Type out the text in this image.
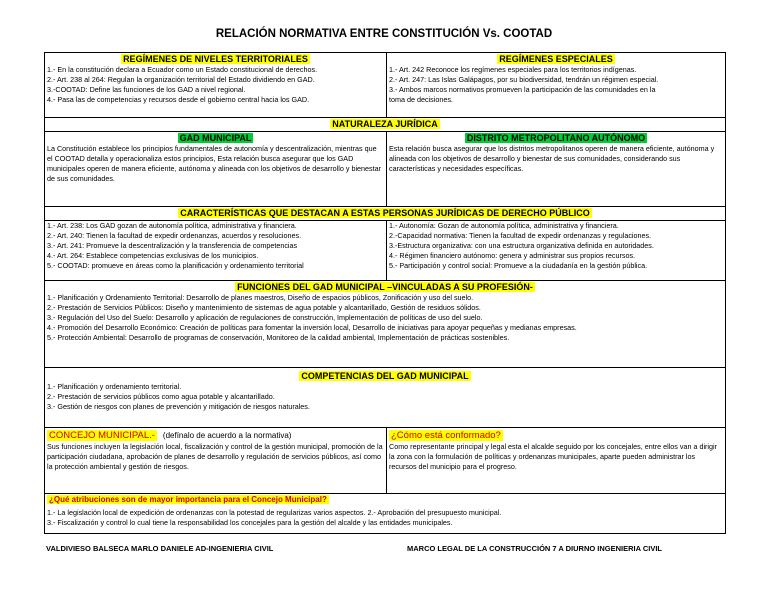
RELACIÓN NORMATIVA ENTRE CONSTITUCIÓN Vs. COOTAD
REGÍMENES DE NIVELES TERRITORIALES
1.- En la constitución declara a Ecuador como un Estado constitucional de derechos.
2.- Art. 238 al 264: Regulan la organización territorial del Estado dividiendo en GAD.
3.-COOTAD: Define las funciones de los GAD a nivel regional.
4.- Pasa las de competencias y recursos desde el gobierno central hacia los GAD.
REGÍMENES ESPECIALES
1.- Art. 242 Reconoce los regímenes especiales para los territorios indígenas.
2.- Art. 247: Las Islas Galápagos, por su biodiversidad, tendrán un régimen especial.
3.- Ambos marcos normativos promueven la participación de las comunidades en la
toma de decisiones.
NATURALEZA JURÍDICA
GAD MUNICIPAL
La Constitución establece los principios fundamentales de autonomía y descentralización, mientras que el COOTAD detalla y operacionaliza estos principios, Esta relación busca asegurar que los GAD municipales operen de manera eficiente, autónoma y alineada con los objetivos de desarrollo y bienestar de sus comunidades.
DISTRITO METROPOLITANO AUTÓNOMO
Esta relación busca asegurar que los distritos metropolitanos operen de manera eficiente, autónoma y alineada con los objetivos de desarrollo y bienestar de sus comunidades, considerando sus características y necesidades específicas.
CARACTERÍSTICAS QUE DESTACAN A ESTAS PERSONAS JURÍDICAS DE DERECHO PÚBLICO
1.- Art. 238: Los GAD gozan de autonomía política, administrativa y financiera.
2.- Art. 240: Tienen la facultad de expedir ordenanzas, acuerdos y resoluciones.
3.- Art. 241: Promueve la descentralización y la transferencia de competencias
4.- Art. 264: Establece competencias exclusivas de los municipios.
5.- COOTAD: promueve en áreas como la planificación y ordenamiento territorial
1.- Autonomía: Gozan de autonomía política, administrativa y financiera.
2.-Capacidad normativa: Tienen la facultad de expedir ordenanzas y regulaciones.
3.-Estructura organizativa: con una estructura organizativa definida en autoridades.
4.- Régimen financiero autónomo: genera y administrar sus propios recursos.
5.- Participación y control social: Promueve a la ciudadanía en la gestión pública.
FUNCIONES DEL GAD MUNICIPAL –VINCULADAS A SU PROFESIÓN-
1.- Planificación y Ordenamiento Territorial: Desarrollo de planes maestros, Diseño de espacios públicos, Zonificación y uso del suelo.
2.- Prestación de Servicios Públicos: Diseño y mantenimiento de sistemas de agua potable y alcantarillado, Gestión de residuos sólidos.
3.- Regulación del Uso del Suelo: Desarrollo y aplicación de regulaciones de construcción, Implementación de políticas de uso del suelo.
4.- Promoción del Desarrollo Económico: Creación de políticas para fomentar la inversión local, Desarrollo de iniciativas para apoyar pequeñas y medianas empresas.
5.- Protección Ambiental: Desarrollo de programas de conservación, Monitoreo de la calidad ambiental, Implementación de prácticas sostenibles.
COMPETENCIAS DEL GAD MUNICIPAL
1.- Planificación y ordenamiento territorial.
2.- Prestación de servicios públicos como agua potable y alcantarillado.
3.- Gestión de riesgos con planes de prevención y mitigación de riesgos naturales.
CONCEJO MUNICIPAL.- (defínalo de acuerdo a la normativa)
Sus funciones incluyen la legislación local, fiscalización y control de la gestión municipal, promoción de la participación ciudadana, aprobación de planes de desarrollo y regulación de servicios públicos, así como la protección ambiental y gestión de riesgos.
¿Cómo está conformado?
Como representante principal y legal esta el alcalde seguido por los concejales, entre ellos van a dirigir la zona con la formulación de políticas y ordenanzas municipales, aparte pueden administrar los recursos del municipio para el progreso.
¿Qué atribuciones son de mayor importancia para el Concejo Municipal?
1.- La legislación local de expedición de ordenanzas con la potestad de regularizas varios aspectos. 2.- Aprobación del presupuesto municipal.
3.- Fiscalización y control lo cual tiene la responsabilidad los concejales para la gestión del alcalde y las entidades municipales.
VALDIVIESO BALSECA MARLO DANIELE AD-INGENIERIA CIVIL	MARCO LEGAL DE LA CONSTRUCCIÓN 7 A DIURNO INGENIERIA CIVIL
